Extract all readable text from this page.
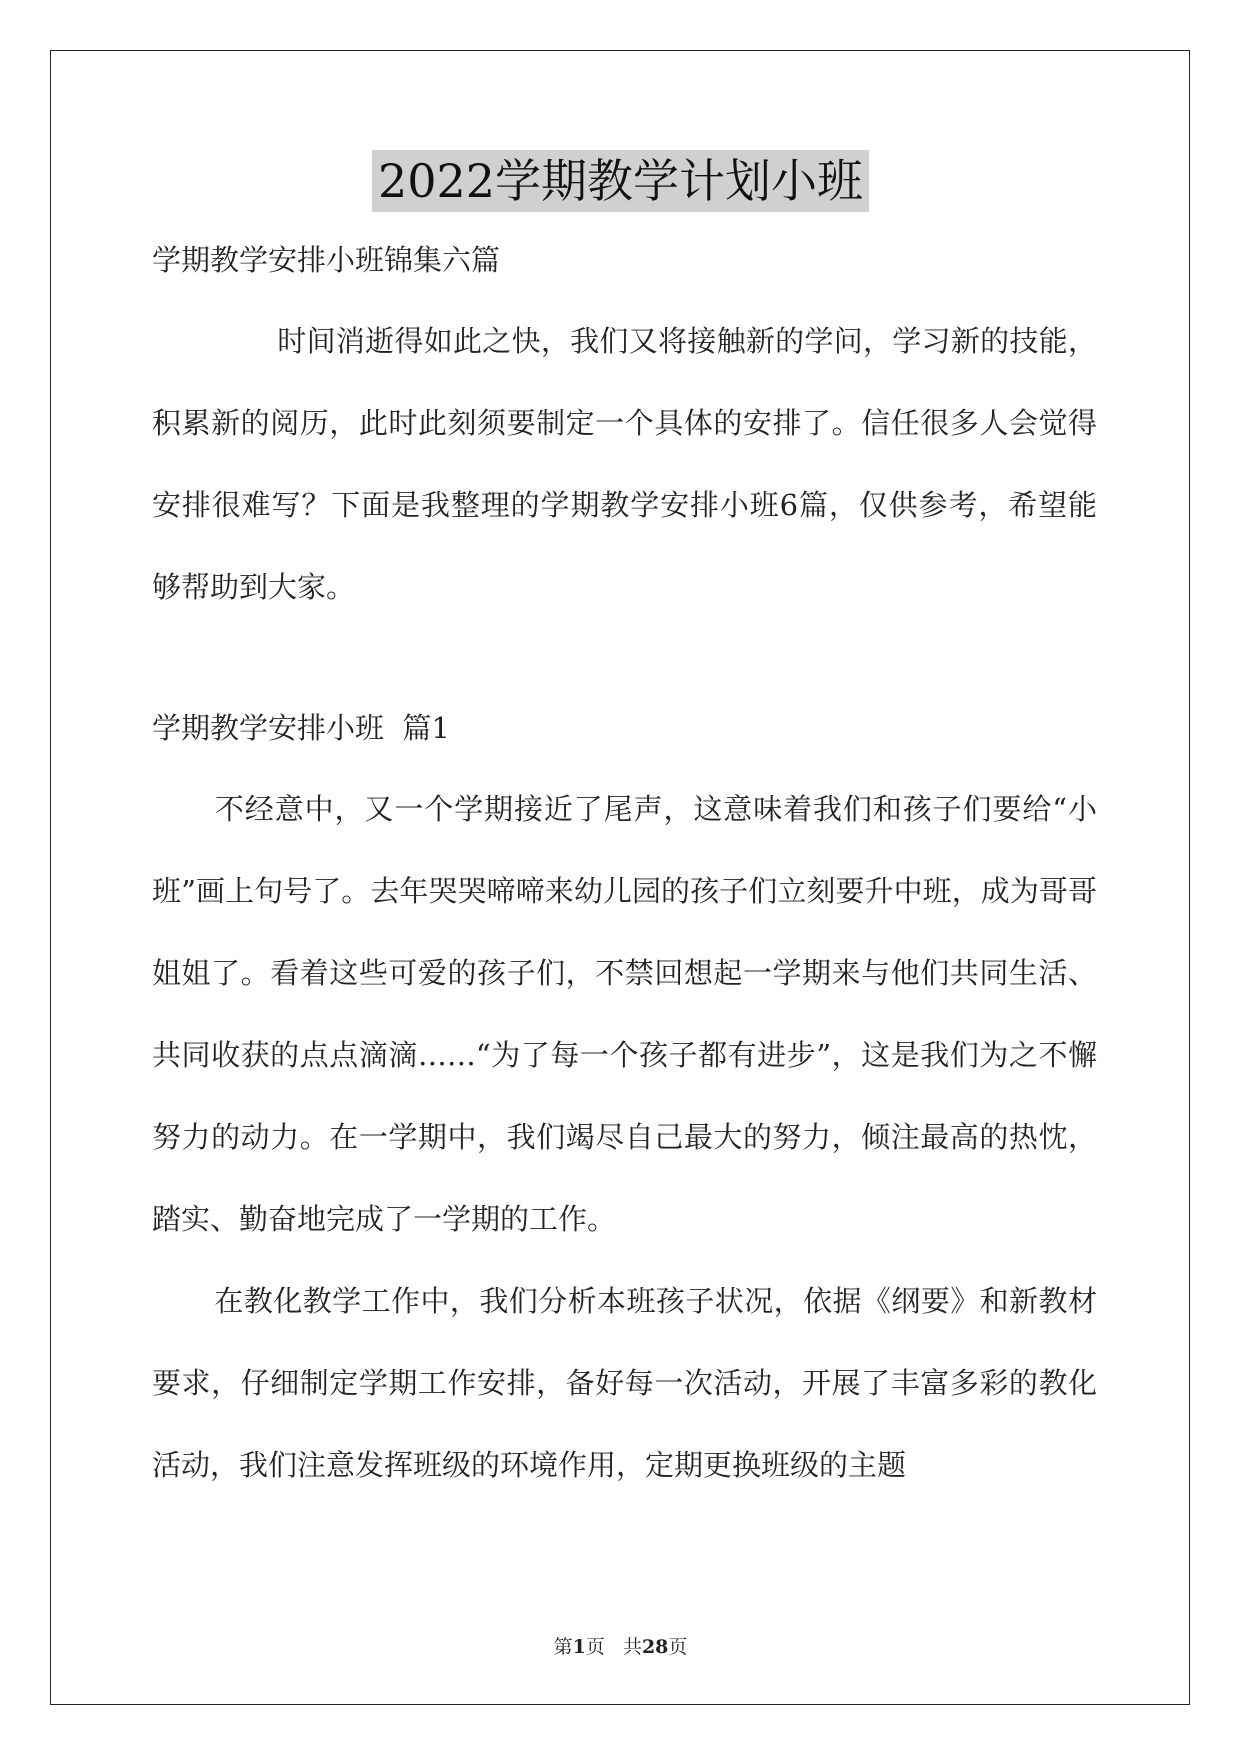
2022学期教学计划小班

学期教学安排小班锦集六篇

时间消逝得如此之快，我们又将接触新的学问，学习新的技能，积累新的阅历，此时此刻须要制定一个具体的安排了。信任很多人会觉得安排很难写？下面是我整理的学期教学安排小班6篇，仅供参考，希望能够帮助到大家。

学期教学安排小班  篇1

不经意中，又一个学期接近了尾声，这意味着我们和孩子们要给“小班”画上句号了。去年哭哭啼啼来幼儿园的孩子们立刻要升中班，成为哥哥姐姐了。看着这些可爱的孩子们，不禁回想起一学期来与他们共同生活、共同收获的点点滴滴……“为了每一个孩子都有进步”，这是我们为之不懈努力的动力。在一学期中，我们竭尽自己最大的努力，倾注最高的热忱，踏实、勤奋地完成了一学期的工作。

在教化教学工作中，我们分析本班孩子状况，依据《纲要》和新教材要求，仔细制定学期工作安排，备好每一次活动，开展了丰富多彩的教化活动，我们注意发挥班级的环境作用，定期更换班级的主题

第1页   共28页
